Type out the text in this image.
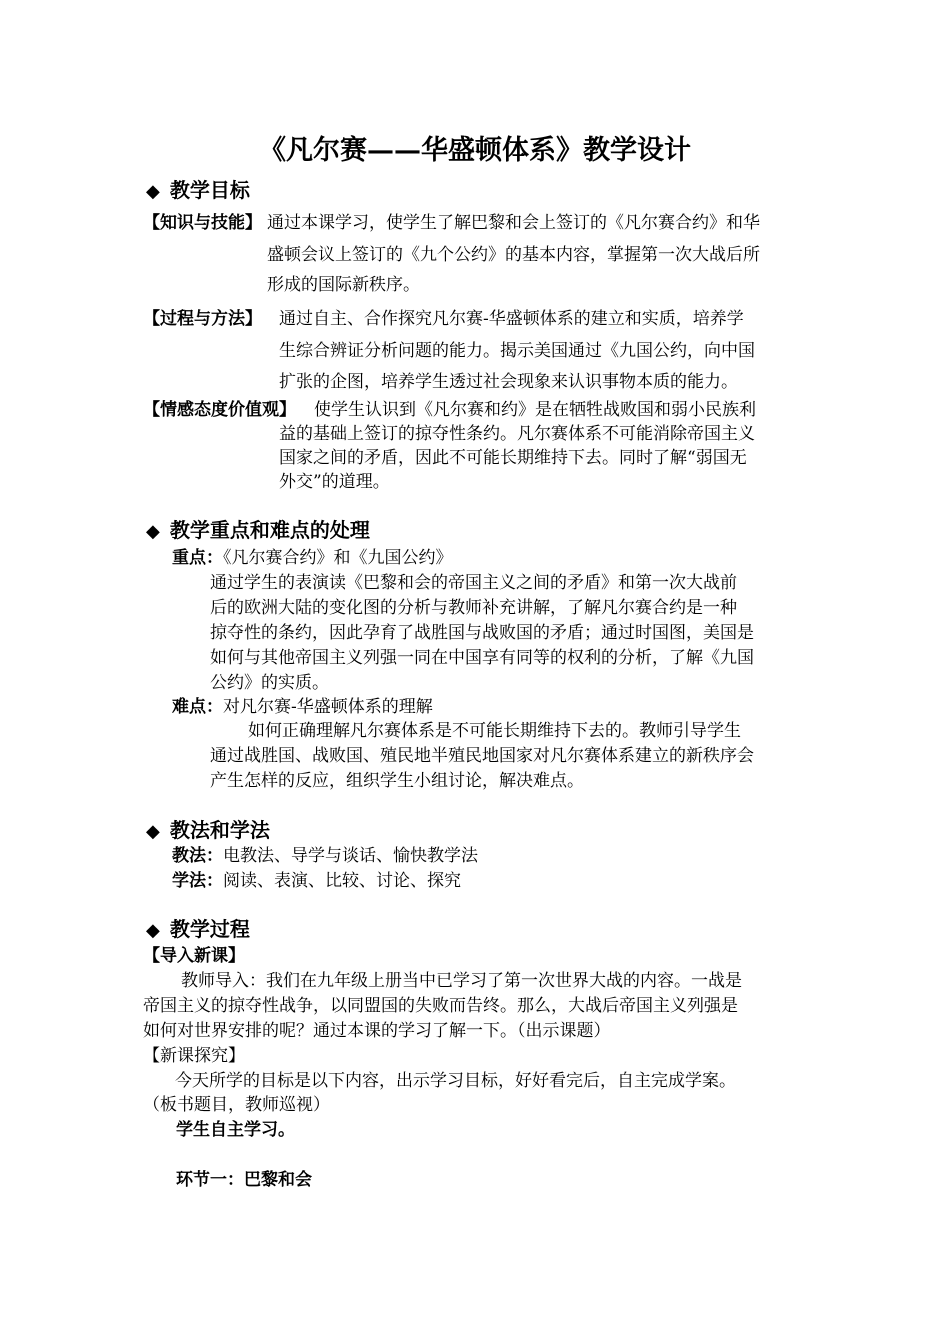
《凡尔赛——华盛顿体系》教学设计
◆ 教学目标
【知识与技能】 通过本课学习，使学生了解巴黎和会上签订的《凡尔赛合约》和华
盛顿会议上签订的《九个公约》的基本内容，掌握第一次大战后所
形成的国际新秩序。
【过程与方法】 通过自主、合作探究凡尔赛-华盛顿体系的建立和实质，培养学
生综合辨证分析问题的能力。揭示美国通过《九国公约，向中国
扩张的企图，培养学生透过社会现象来认识事物本质的能力。
【情感态度价值观】 使学生认识到《凡尔赛和约》是在牺牲战败国和弱小民族利
益的基础上签订的掠夺性条约。凡尔赛体系不可能消除帝国主义
国家之间的矛盾，因此不可能长期维持下去。同时了解“弱国无
外交”的道理。
◆ 教学重点和难点的处理
重点：《凡尔赛合约》和《九国公约》
通过学生的表演读《巴黎和会的帝国主义之间的矛盾》和第一次大战前
后的欧洲大陆的变化图的分析与教师补充讲解，了解凡尔赛合约是一种
掠夺性的条约，因此孕育了战胜国与战败国的矛盾；通过时国图，美国是
如何与其他帝国主义列强一同在中国享有同等的权利的分析，了解《九国
公约》的实质。
难点：对凡尔赛-华盛顿体系的理解
如何正确理解凡尔赛体系是不可能长期维持下去的。教师引导学生
通过战胜国、战败国、殖民地半殖民地国家对凡尔赛体系建立的新秩序会
产生怎样的反应，组织学生小组讨论，解决难点。
◆ 教法和学法
教法：电教法、导学与谈话、愉快教学法
学法：阅读、表演、比较、讨论、探究
◆ 教学过程
【导入新课】
教师导入：我们在九年级上册当中已学习了第一次世界大战的内容。一战是
帝国主义的掠夺性战争，以同盟国的失败而告终。那么，大战后帝国主义列强是
如何对世界安排的呢？通过本课的学习了解一下。（出示课题）
【新课探究】
今天所学的目标是以下内容，出示学习目标，好好看完后，自主完成学案。
（板书题目，教师巡视）
学生自主学习。
环节一：巴黎和会
